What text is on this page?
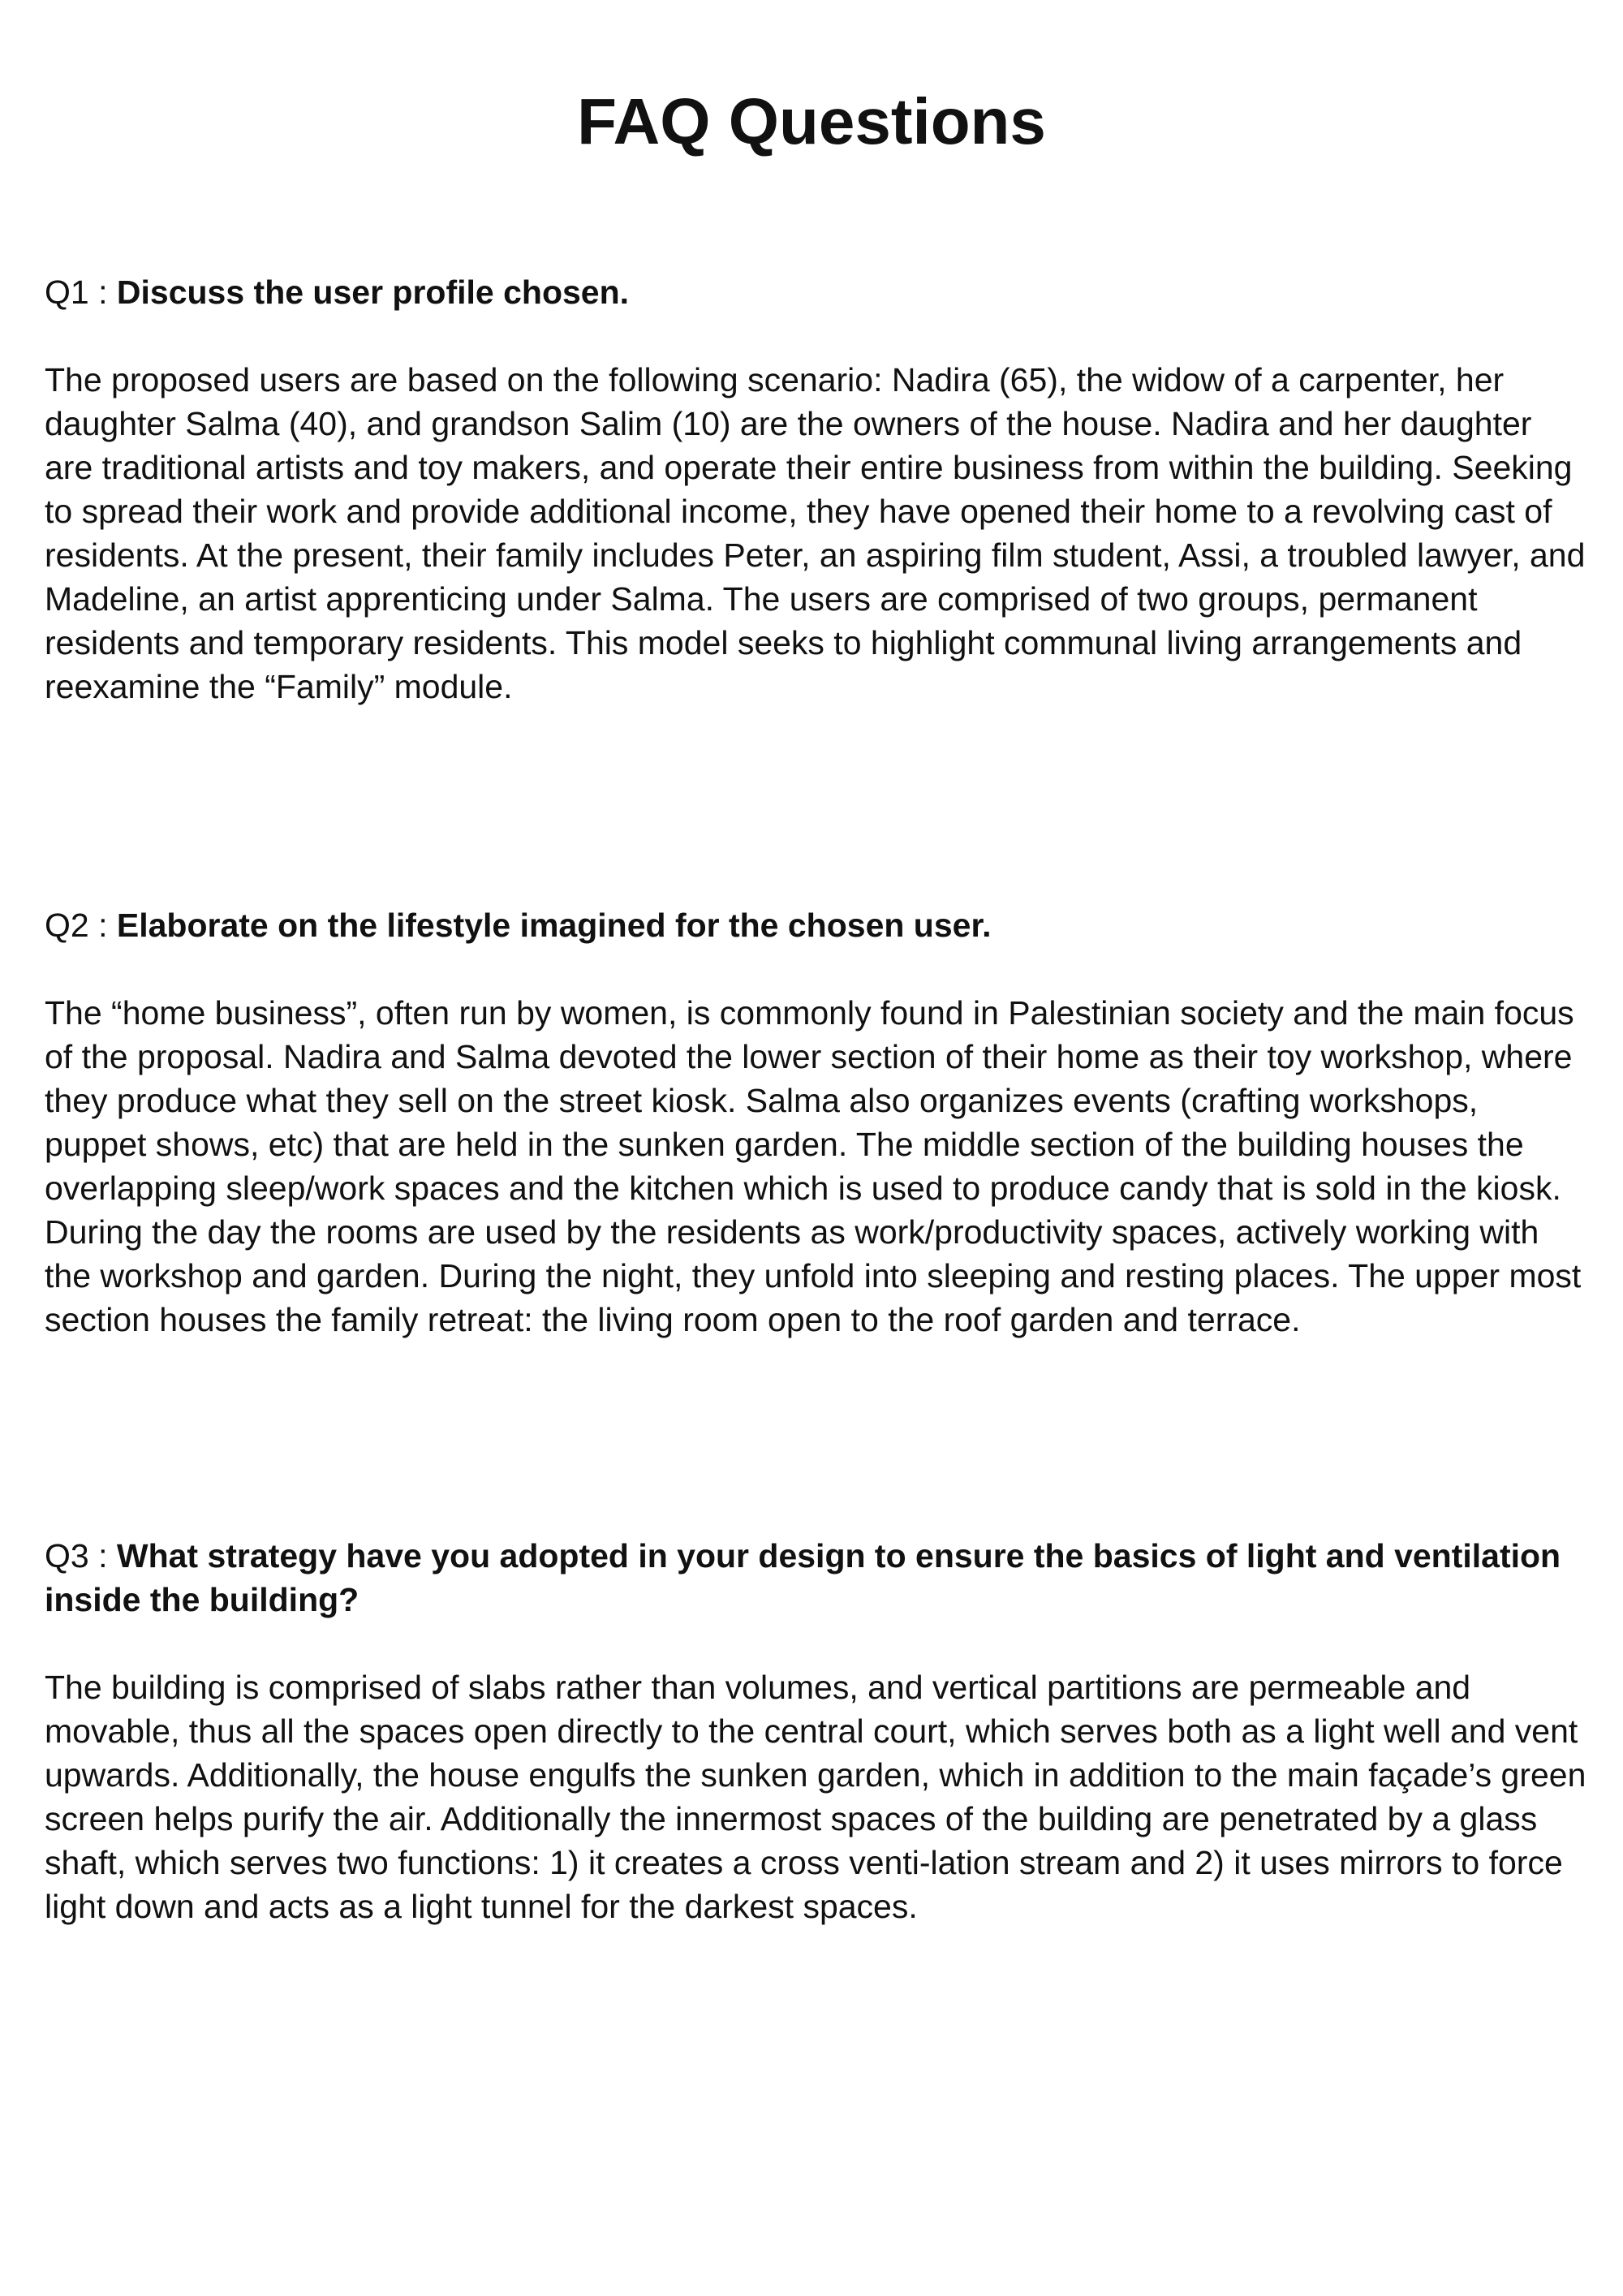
FAQ Questions

Q1 : Discuss the user profile chosen.

The proposed users are based on the following scenario: Nadira (65), the widow of a carpenter, her daughter Salma (40), and grandson Salim (10) are the owners of the house. Nadira and her daughter are traditional artists and toy makers, and operate their entire business from within the building. Seeking to spread their work and provide additional income, they have opened their home to a revolving cast of residents. At the present, their family includes Peter, an aspiring film student, Assi, a troubled lawyer, and Madeline, an artist apprenticing under Salma. The users are comprised of two groups, permanent residents and temporary residents. This model seeks to highlight communal living arrangements and reexamine the “Family” module.

Q2 : Elaborate on the lifestyle imagined for the chosen user.

The “home business”, often run by women, is commonly found in Palestinian society and the main focus of the proposal. Nadira and Salma devoted the lower section of their home as their toy workshop, where they produce what they sell on the street kiosk. Salma also organizes events (crafting workshops, puppet shows, etc) that are held in the sunken garden. The middle section of the building houses the overlapping sleep/work spaces and the kitchen which is used to produce candy that is sold in the kiosk. During the day the rooms are used by the residents as work/productivity spaces, actively working with the workshop and garden. During the night, they unfold into sleeping and resting places. The upper most section houses the family retreat: the living room open to the roof garden and terrace.

Q3 : What strategy have you adopted in your design to ensure the basics of light and ventilation inside the building?

The building is comprised of slabs rather than volumes, and vertical partitions are permeable and movable, thus all the spaces open directly to the central court, which serves both as a light well and vent upwards. Additionally, the house engulfs the sunken garden, which in addition to the main façade’s green screen helps purify the air. Additionally the innermost spaces of the building are penetrated by a glass shaft, which serves two functions: 1) it creates a cross venti-lation stream and 2) it uses mirrors to force light down and acts as a light tunnel for the darkest spaces.
